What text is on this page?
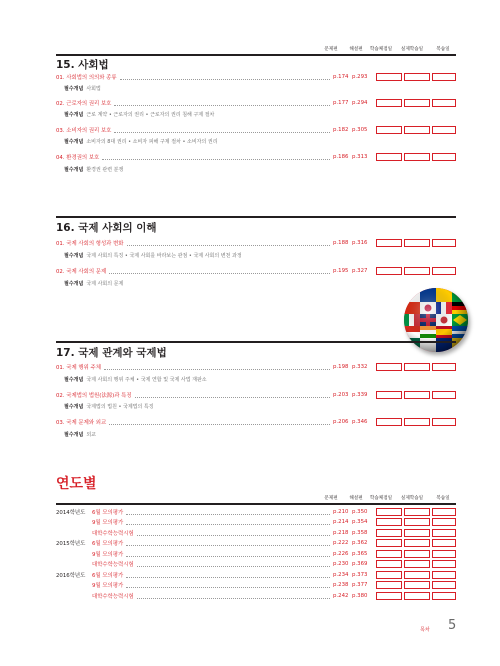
문제편	해설편	학습체점일	실제학습일	복습일
15. 사회법
01. 사회법의 의의와 종류	p.174 p.293
필수개념 사회법
02. 근로자의 권리 보호	p.177 p.294
필수개념 근로 계약 • 근로자의 권리 • 근로자의 권리 침해 구제 절차
03. 소비자의 권리 보호	p.182 p.305
필수개념 소비자의 8대 권리 • 소비자 피해 구제 절차 • 소비자의 권리
04. 환경권의 보호	p.186 p.313
필수개념 환경권 관련 분쟁
16. 국제 사회의 이해
01. 국제 사회의 형성과 변화	p.188 p.316
필수개념 국제 사회의 특징 • 국제 사회를 바라보는 관점 • 국제 사회의 변천 과정
02. 국제 사회의 문제	p.195 p.327
필수개념 국제 사회의 문제
17. 국제 관계와 국제법
01. 국제 행위 주체	p.198 p.332
필수개념 국제 사회의 행위 주체 • 국제 연합 및 국제 사법 재판소
02. 국제법의 법원(法源)과 특징	p.203 p.339
필수개념 국제법의 법원 • 국제법의 특징
03. 국제 문제와 외교	p.206 p.346
필수개념 외교
연도별
문제편	해설편	학습체점일	실제학습일	복습일
2014학년도	6월 모의평가	p.210 p.350
9월 모의평가	p.214 p.354
대학수학능력시험	p.218 p.358
2015학년도	6월 모의평가	p.222 p.362
9월 모의평가	p.226 p.365
대학수학능력시험	p.230 p.369
2016학년도	6월 모의평가	p.234 p.373
9월 모의평가	p.238 p.377
대학수학능력시험	p.242 p.380
목차 5
